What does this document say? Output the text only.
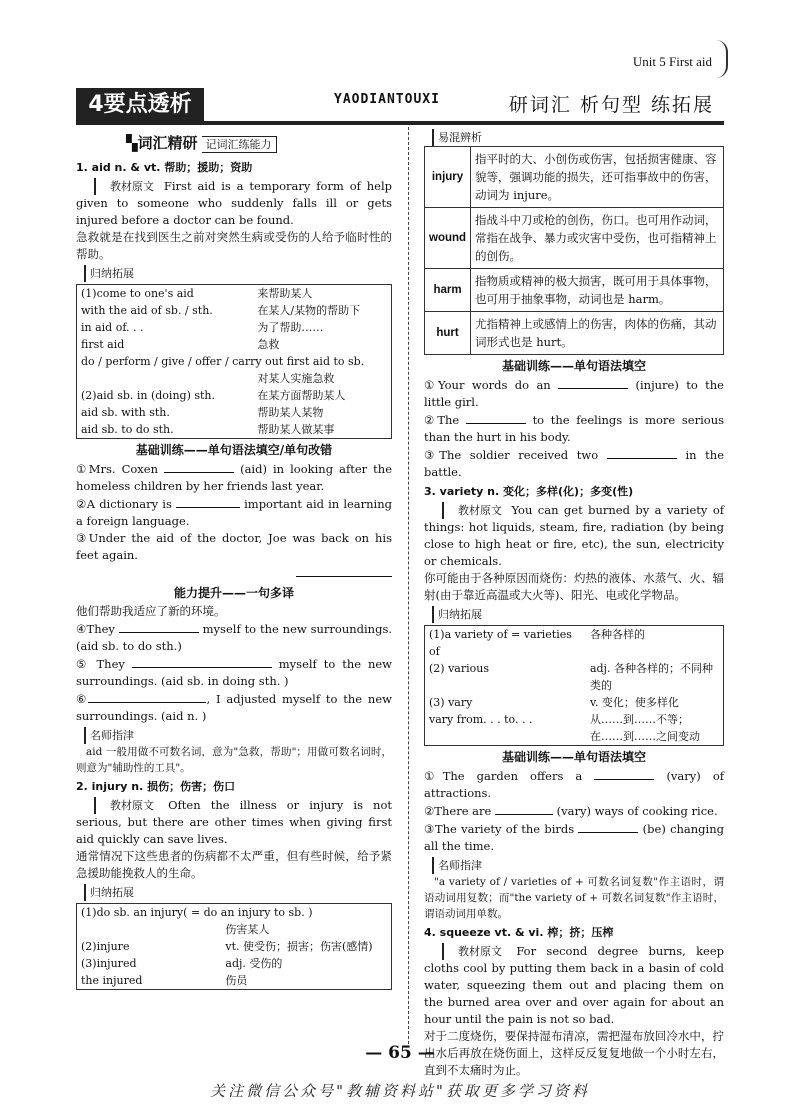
Unit 5 First aid
4要点透析	YAODIANTOUXI	研词汇 析句型 练拓展
▚词汇精研 记词汇练能力
1. aid n. & vt. 帮助；援助；资助

教材原文 First aid is a temporary form of help given to someone who suddenly falls ill or gets injured before a doctor can be found.

急救就是在找到医生之前对突然生病或受伤的人给予临时性的帮助。

归纳拓展
(1)come to one's aid	来帮助某人
with the aid of sb. / sth.	在某人/某物的帮助下
in aid of. . .	为了帮助……
first aid	急救
do / perform / give / offer / carry out first aid to sb.	
	对某人实施急救
(2)aid sb. in (doing) sth.	在某方面帮助某人
aid sb. with sth.	帮助某人某物
aid sb. to do sth.	帮助某人做某事
基础训练——单句语法填空/单句改错

①Mrs. Coxen	(aid) in looking after the homeless children by her friends last year.

②A dictionary is	important aid in learning a foreign language.

③Under the aid of the doctor, Joe was back on his feet again.

能力提升——一句多译

他们帮助我适应了新的环境。

④They	myself to the new surroundings. (aid sb. to do sth.)

⑤ They	myself to the new surroundings. (aid sb. in doing sth. )

⑥	, I adjusted myself to the new surroundings. (aid n. )

名师指津

aid 一般用做不可数名词，意为"急救，帮助"；用做可数名词时，则意为"辅助性的工具"。

2. injury n. 损伤；伤害；伤口

教材原文 Often the illness or injury is not serious, but there are other times when giving first aid quickly can save lives.

通常情况下这些患者的伤病都不太严重，但有些时候，给予紧急援助能挽救人的生命。

归纳拓展
(1)do sb. an injury( = do an injury to sb. )	
	伤害某人
(2)injure	vt. 使受伤；损害；伤害(感情)
(3)injured	adj. 受伤的
the injured	伤员
易混辨析
injury	指平时的大、小创伤或伤害，包括损害健康、容貌等，强调功能的损失，还可指事故中的伤害，动词为 injure。
wound	指战斗中刀或枪的创伤，伤口。也可用作动词，常指在战争、暴力或灾害中受伤，也可指精神上的创伤。
harm	指物质或精神的极大损害，既可用于具体事物，也可用于抽象事物，动词也是 harm。
hurt	尤指精神上或感情上的伤害，肉体的伤痛，其动词形式也是 hurt。
基础训练——单句语法填空

①Your words do an	(injure) to the little girl.

②The	to the feelings is more serious than the hurt in his body.

③The soldier received two	in the battle.

3. variety n. 变化；多样(化)；多变(性)

教材原文 You can get burned by a variety of things: hot liquids, steam, fire, radiation (by being close to high heat or fire, etc), the sun, electricity or chemicals.

你可能由于各种原因而烧伤：灼热的液体、水蒸气、火、辐射(由于靠近高温或大火等)、阳光、电或化学物品。

归纳拓展
(1)a variety of = varieties of	各种各样的
(2) various	adj. 各种各样的；不同种类的
(3) vary	v. 变化；使多样化
vary from. . . to. . .	从……到……不等；在……到……之间变动
基础训练——单句语法填空

①The garden offers a	(vary) of attractions.

②There are	(vary) ways of cooking rice.

③The variety of the birds	(be) changing all the time.

名师指津

"a variety of / varieties of + 可数名词复数"作主语时，谓语动词用复数；而"the variety of + 可数名词复数"作主语时，谓语动词用单数。

4. squeeze vt. & vi. 榨；挤；压榨

教材原文 For second degree burns, keep cloths cool by putting them back in a basin of cold water, squeezing them out and placing them on the burned area over and over again for about an hour until the pain is not so bad.

对于二度烧伤，要保持湿布清凉，需把湿布放回冷水中，拧出水后再放在烧伤面上，这样反反复复地做一个小时左右，直到不太痛时为止。

— 65 —
关注微信公众号"教辅资料站"获取更多学习资料
